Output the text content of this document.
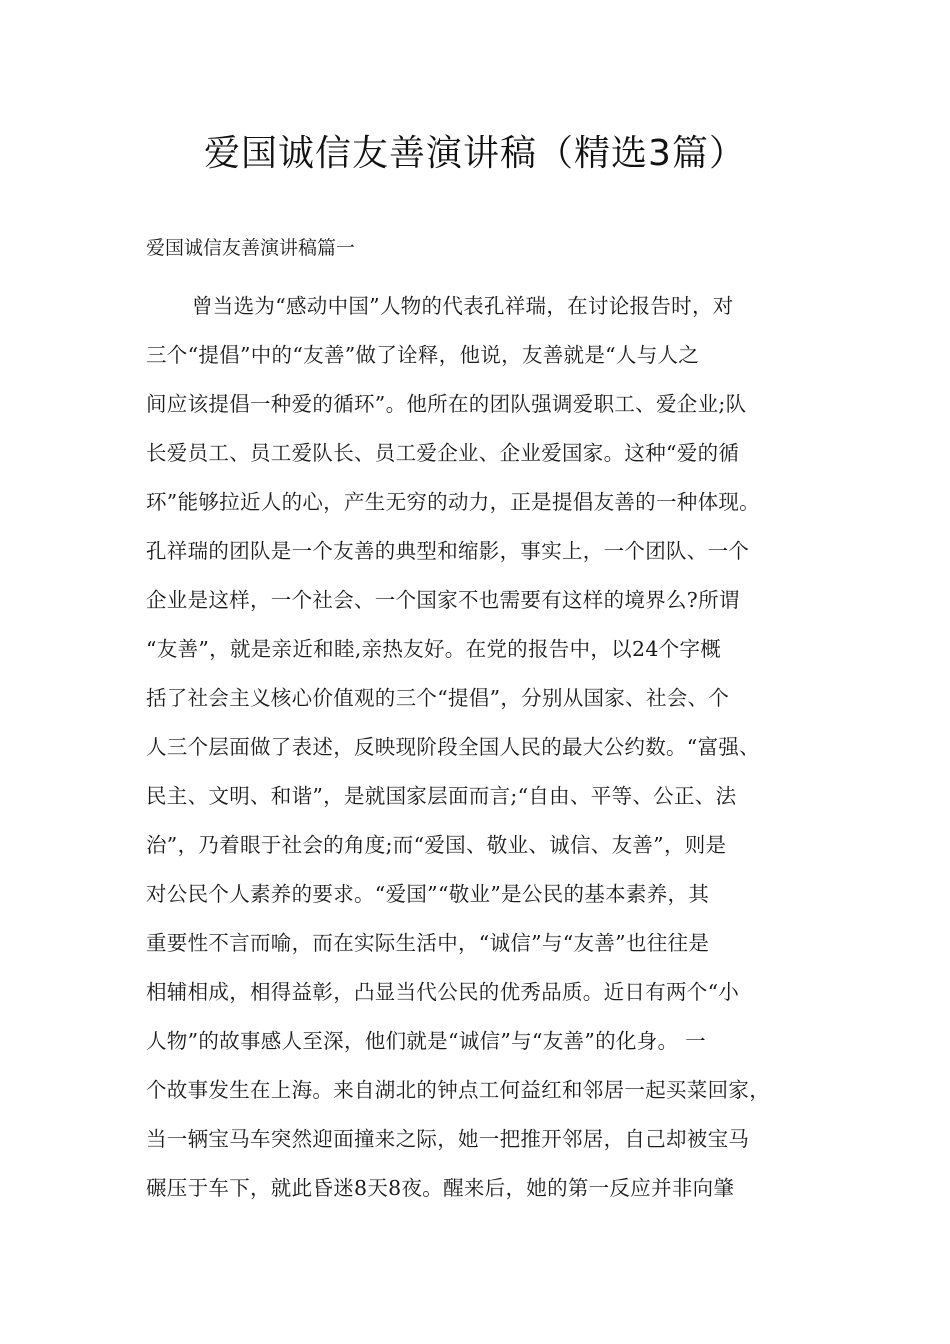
爱国诚信友善演讲稿（精选3篇）
爱国诚信友善演讲稿篇一
曾当选为“感动中国”人物的代表孔祥瑞，在讨论报告时，对
三个“提倡”中的“友善”做了诠释，他说，友善就是“人与人之
间应该提倡一种爱的循环”。他所在的团队强调爱职工、爱企业;队
长爱员工、员工爱队长、员工爱企业、企业爱国家。这种“爱的循
环”能够拉近人的心，产生无穷的动力，正是提倡友善的一种体现。
孔祥瑞的团队是一个友善的典型和缩影，事实上，一个团队、一个
企业是这样，一个社会、一个国家不也需要有这样的境界么?所谓
“友善”，就是亲近和睦,亲热友好。在党的报告中，以24个字概
括了社会主义核心价值观的三个“提倡”，分别从国家、社会、个
人三个层面做了表述，反映现阶段全国人民的最大公约数。“富强、
民主、文明、和谐”，是就国家层面而言;“自由、平等、公正、法
治”，乃着眼于社会的角度;而“爱国、敬业、诚信、友善”，则是
对公民个人素养的要求。“爱国”“敬业”是公民的基本素养，其
重要性不言而喻，而在实际生活中，“诚信”与“友善”也往往是
相辅相成，相得益彰，凸显当代公民的优秀品质。近日有两个“小
人物”的故事感人至深，他们就是“诚信”与“友善”的化身。 一
个故事发生在上海。来自湖北的钟点工何益红和邻居一起买菜回家，
当一辆宝马车突然迎面撞来之际，她一把推开邻居，自己却被宝马
碾压于车下，就此昏迷8天8夜。醒来后，她的第一反应并非向肇
